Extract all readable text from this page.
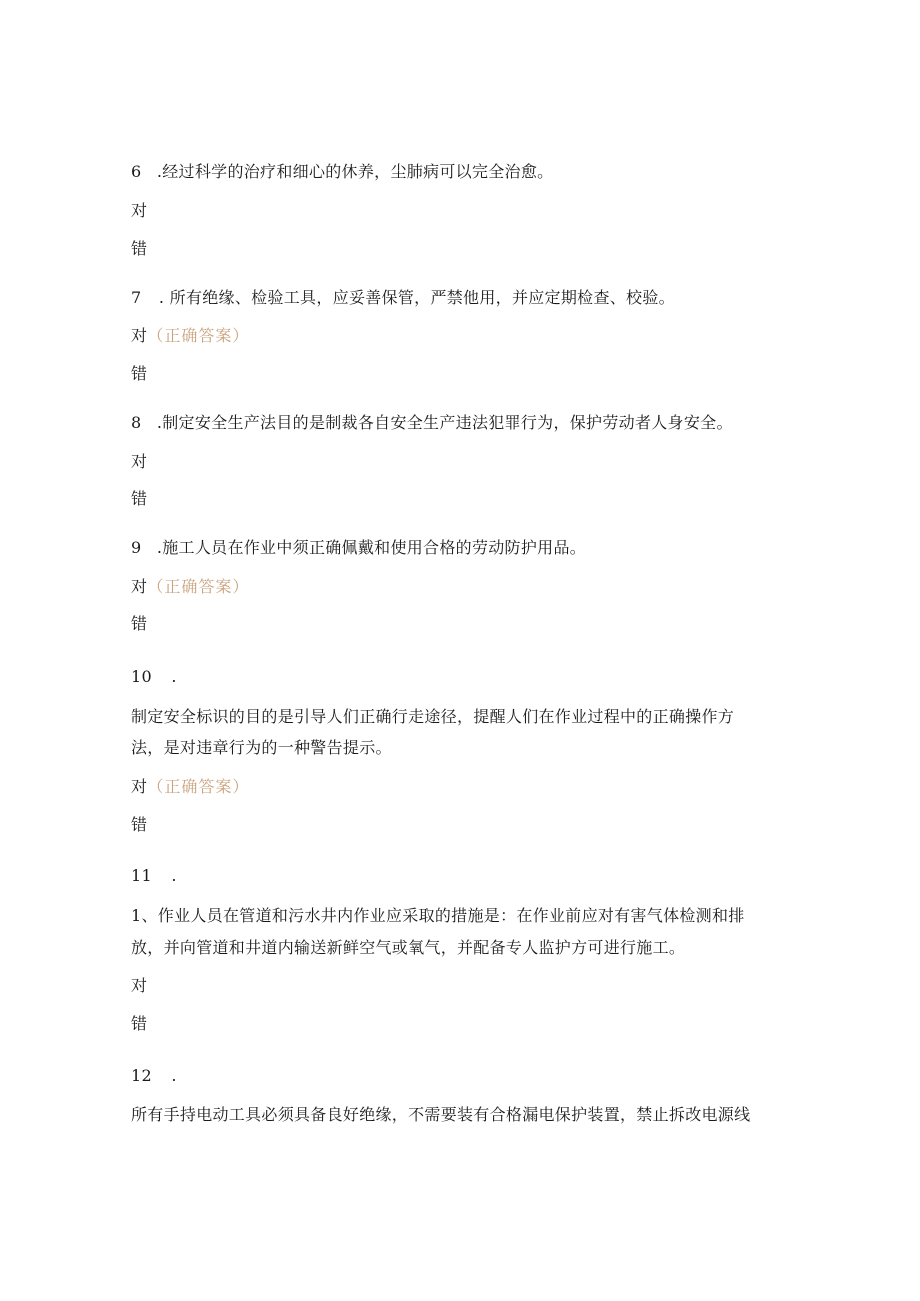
6 .经过科学的治疗和细心的休养，尘肺病可以完全治愈。
对
错
7 . 所有绝缘、检验工具，应妥善保管，严禁他用，并应定期检查、校验。
对（正确答案）
错
8 .制定安全生产法目的是制裁各自安全生产违法犯罪行为，保护劳动者人身安全。
对
错
9 .施工人员在作业中须正确佩戴和使用合格的劳动防护用品。
对（正确答案）
错
10 .
制定安全标识的目的是引导人们正确行走途径，提醒人们在作业过程中的正确操作方
法，是对违章行为的一种警告提示。
对（正确答案）
错
11 .
1、作业人员在管道和污水井内作业应采取的措施是：在作业前应对有害气体检测和排
放，并向管道和井道内输送新鲜空气或氧气，并配备专人监护方可进行施工。
对
错
12 .
所有手持电动工具必须具备良好绝缘，不需要装有合格漏电保护装置，禁止拆改电源线
